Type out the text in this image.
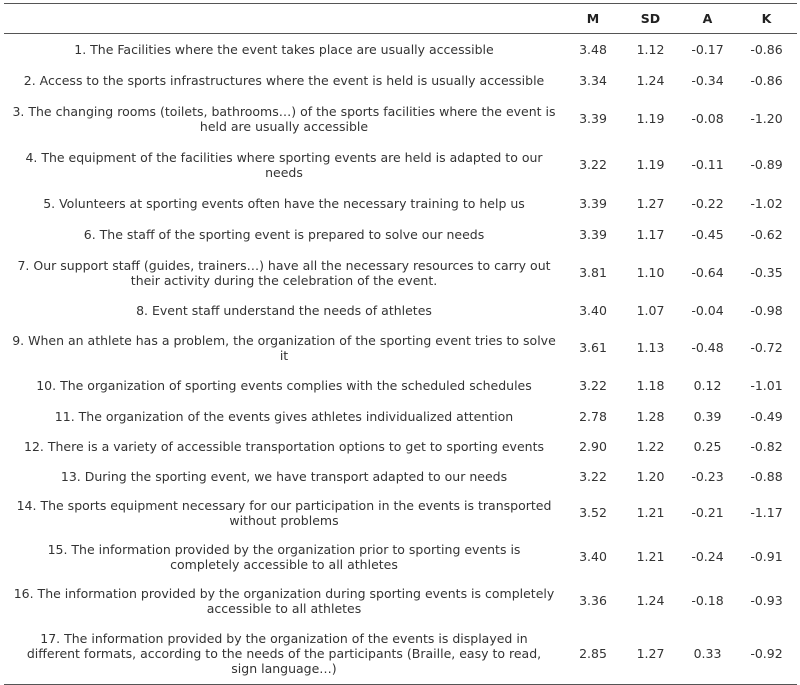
	M	SD	A	K
1. The Facilities where the event takes place are usually accessible	3.48	1.12	-0.17	-0.86
2. Access to the sports infrastructures where the event is held is usually accessible	3.34	1.24	-0.34	-0.86
3. The changing rooms (toilets, bathrooms…) of the sports facilities where the event is held are usually accessible	3.39	1.19	-0.08	-1.20
4. The equipment of the facilities where sporting events are held is adapted to our needs	3.22	1.19	-0.11	-0.89
5. Volunteers at sporting events often have the necessary training to help us	3.39	1.27	-0.22	-1.02
6. The staff of the sporting event is prepared to solve our needs	3.39	1.17	-0.45	-0.62
7. Our support staff (guides, trainers…) have all the necessary resources to carry out their activity during the celebration of the event.	3.81	1.10	-0.64	-0.35
8. Event staff understand the needs of athletes	3.40	1.07	-0.04	-0.98
9. When an athlete has a problem, the organization of the sporting event tries to solve it	3.61	1.13	-0.48	-0.72
10. The organization of sporting events complies with the scheduled schedules	3.22	1.18	0.12	-1.01
11. The organization of the events gives athletes individualized attention	2.78	1.28	0.39	-0.49
12. There is a variety of accessible transportation options to get to sporting events	2.90	1.22	0.25	-0.82
13. During the sporting event, we have transport adapted to our needs	3.22	1.20	-0.23	-0.88
14. The sports equipment necessary for our participation in the events is transported without problems	3.52	1.21	-0.21	-1.17
15. The information provided by the organization prior to sporting events is completely accessible to all athletes	3.40	1.21	-0.24	-0.91
16. The information provided by the organization during sporting events is completely accessible to all athletes	3.36	1.24	-0.18	-0.93
17. The information provided by the organization of the events is displayed in different formats, according to the needs of the participants (Braille, easy to read, sign language…)	2.85	1.27	0.33	-0.92
